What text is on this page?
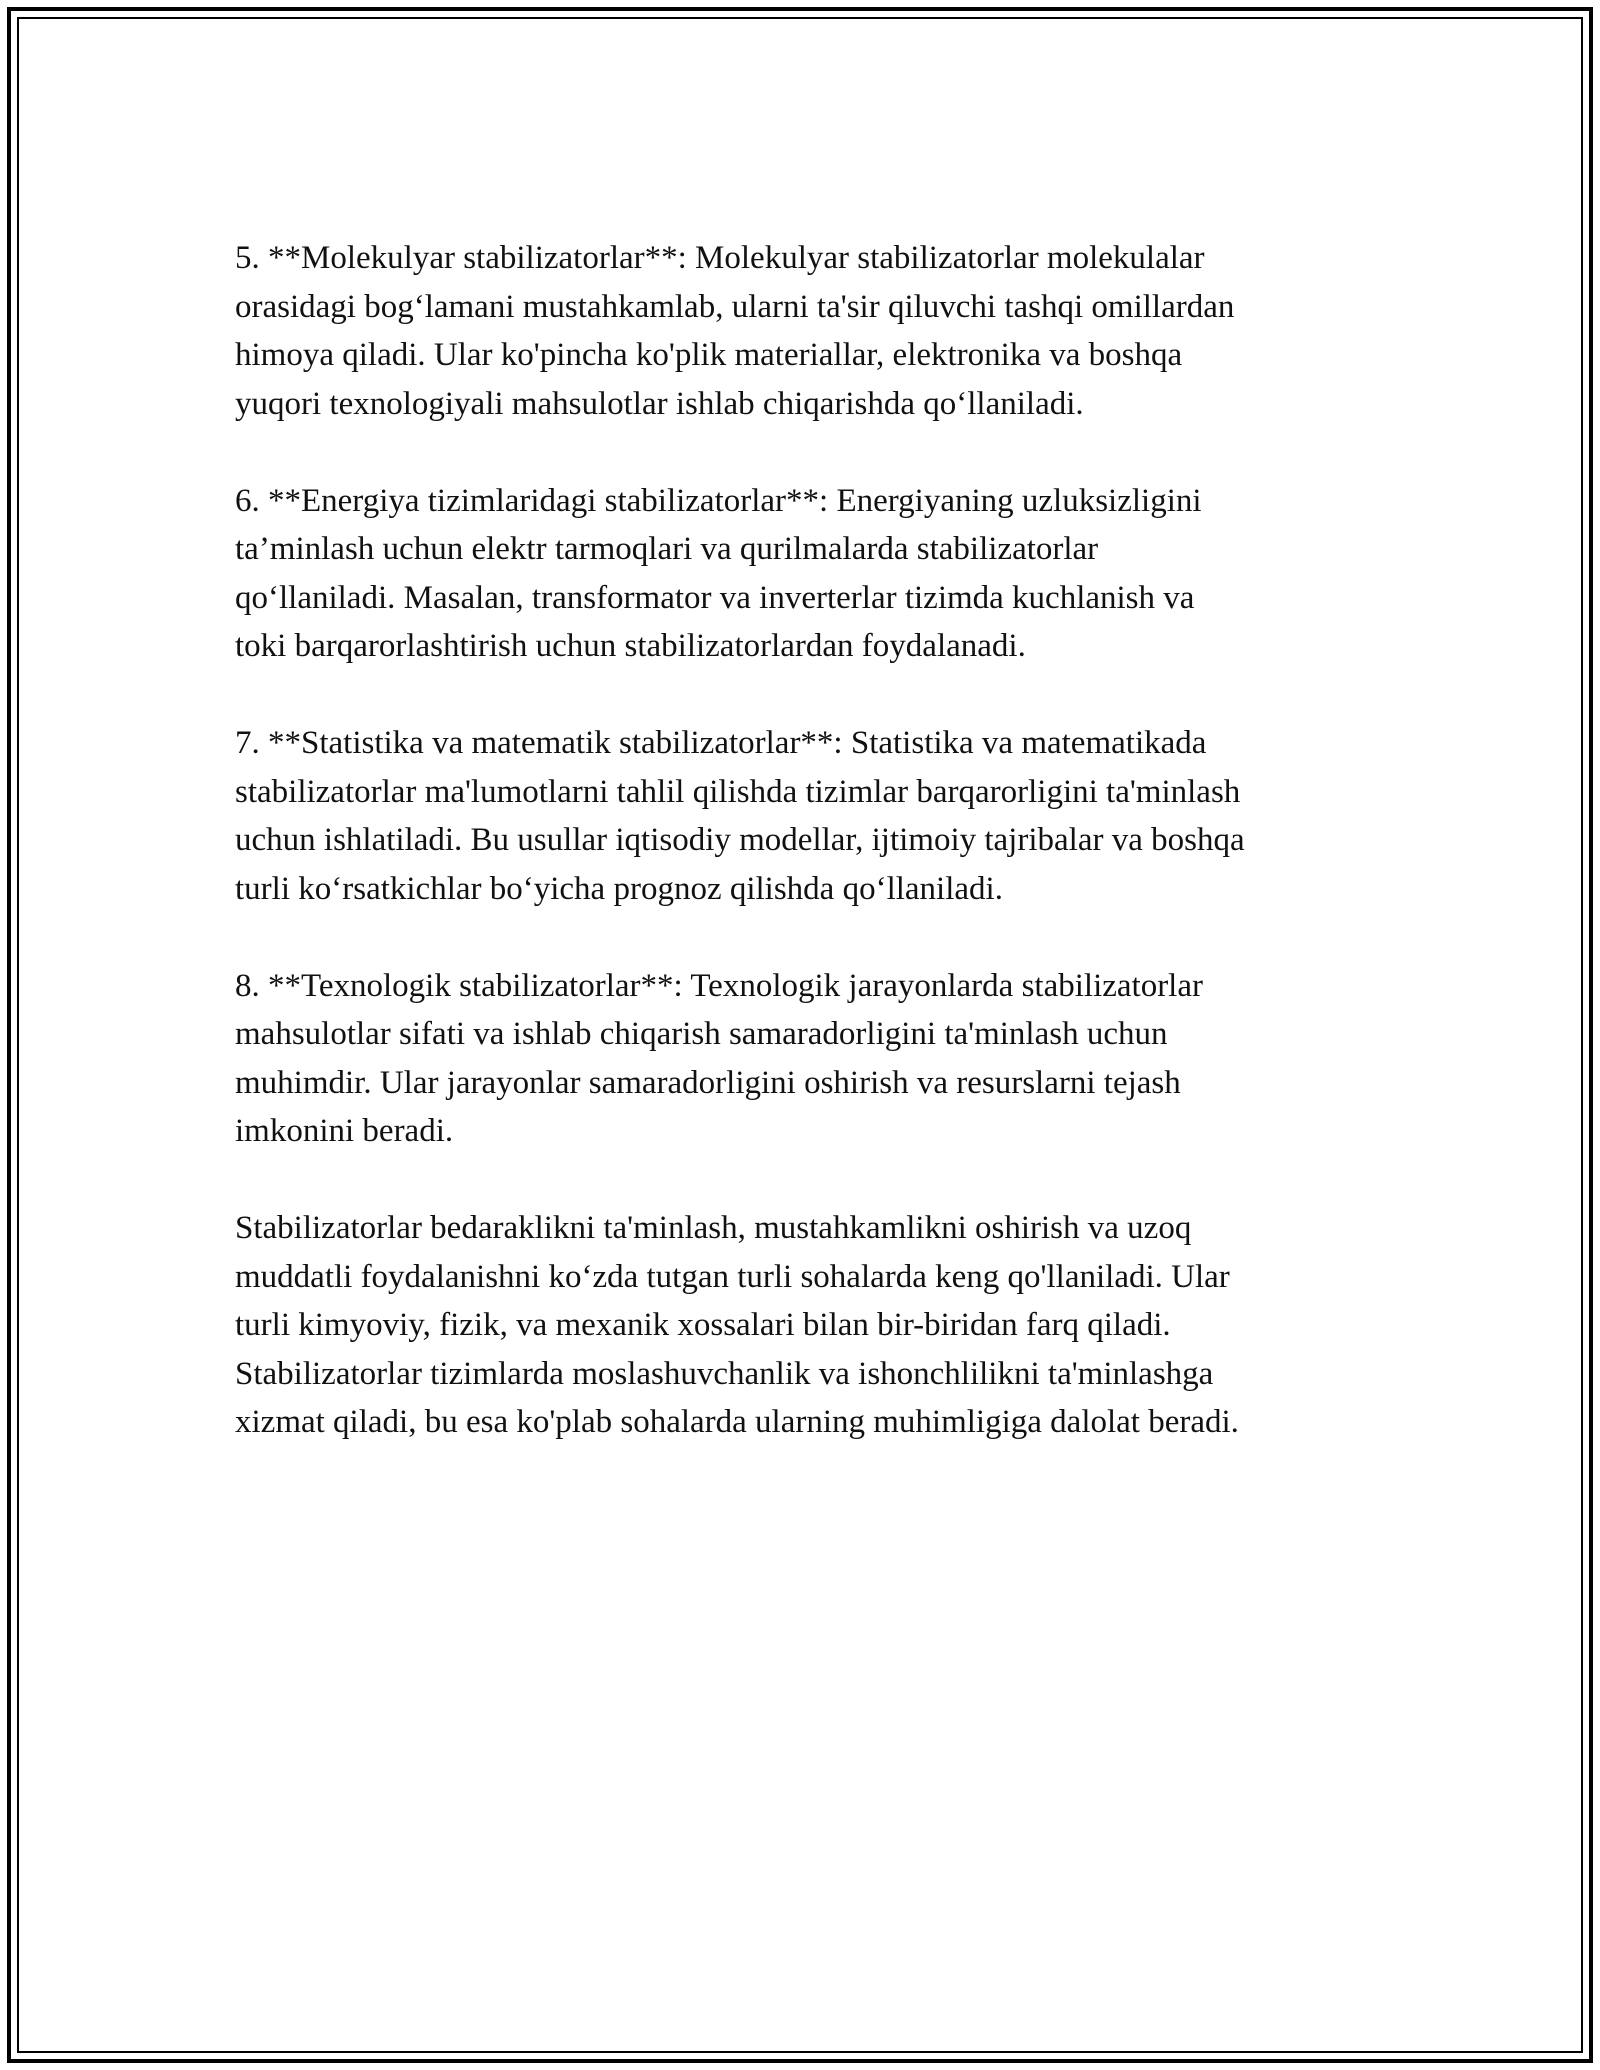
5. **Molekulyar stabilizatorlar**: Molekulyar stabilizatorlar molekulalar
orasidagi bog‘lamani mustahkamlab, ularni ta'sir qiluvchi tashqi omillardan
himoya qiladi. Ular ko'pincha ko'plik materiallar, elektronika va boshqa
yuqori texnologiyali mahsulotlar ishlab chiqarishda qo‘llaniladi.

6. **Energiya tizimlaridagi stabilizatorlar**: Energiyaning uzluksizligini
ta’minlash uchun elektr tarmoqlari va qurilmalarda stabilizatorlar
qo‘llaniladi. Masalan, transformator va inverterlar tizimda kuchlanish va
toki barqarorlashtirish uchun stabilizatorlardan foydalanadi.

7. **Statistika va matematik stabilizatorlar**: Statistika va matematikada
stabilizatorlar ma'lumotlarni tahlil qilishda tizimlar barqarorligini ta'minlash
uchun ishlatiladi. Bu usullar iqtisodiy modellar, ijtimoiy tajribalar va boshqa
turli ko‘rsatkichlar bo‘yicha prognoz qilishda qo‘llaniladi.

8. **Texnologik stabilizatorlar**: Texnologik jarayonlarda stabilizatorlar
mahsulotlar sifati va ishlab chiqarish samaradorligini ta'minlash uchun
muhimdir. Ular jarayonlar samaradorligini oshirish va resurslarni tejash
imkonini beradi.

Stabilizatorlar bedaraklikni ta'minlash, mustahkamlikni oshirish va uzoq
muddatli foydalanishni ko‘zda tutgan turli sohalarda keng qo'llaniladi. Ular
turli kimyoviy, fizik, va mexanik xossalari bilan bir-biridan farq qiladi.
Stabilizatorlar tizimlarda moslashuvchanlik va ishonchlilikni ta'minlashga
xizmat qiladi, bu esa ko'plab sohalarda ularning muhimligiga dalolat beradi.
